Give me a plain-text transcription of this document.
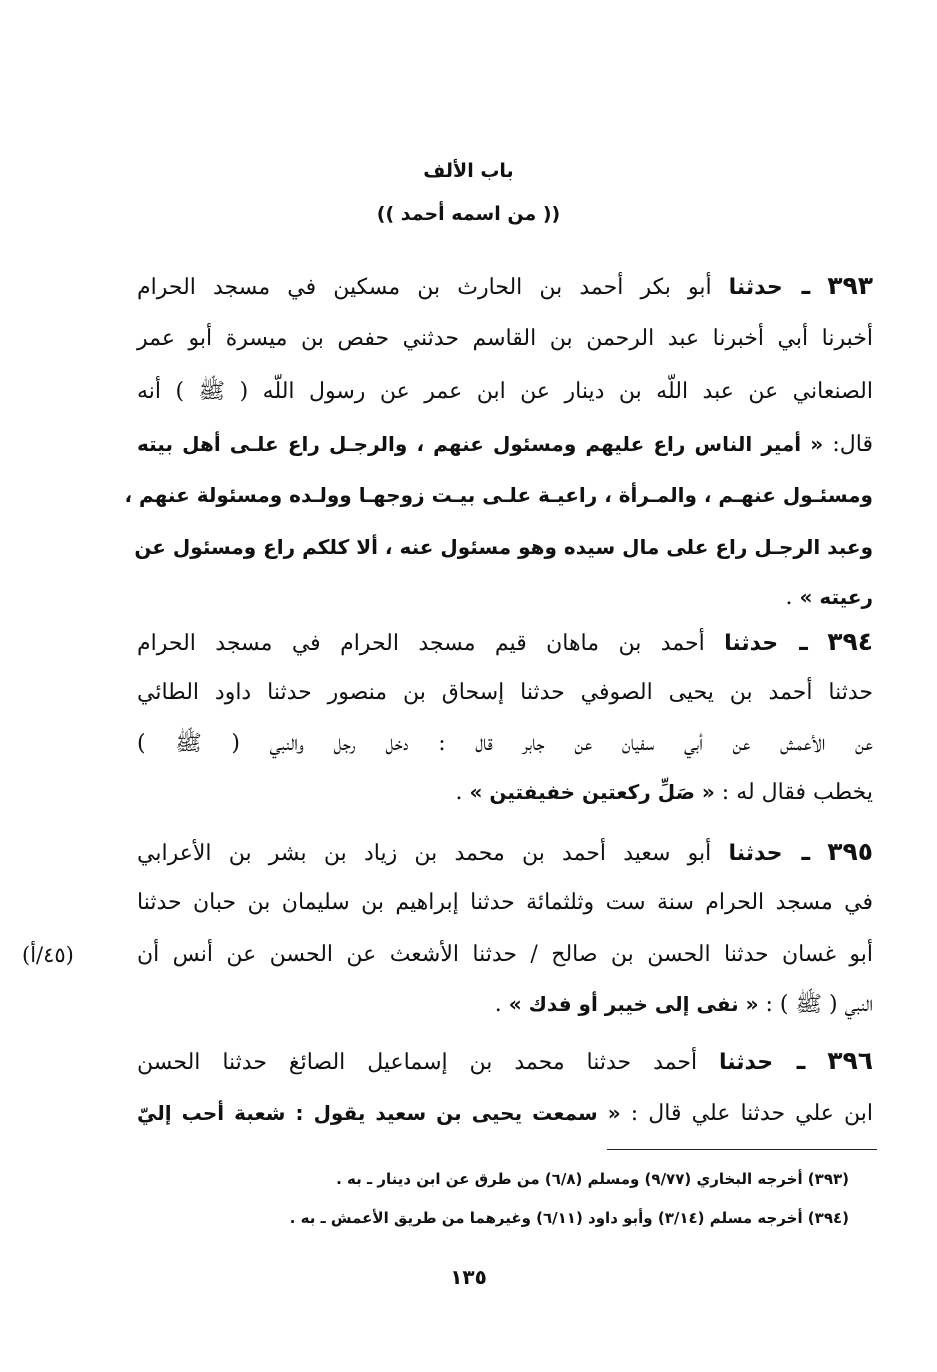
باب الألف
(( من اسمه أحمد ))
٣٩٣ ـ حدثنا أبو بكر أحمد بن الحارث بن مسكين في مسجد الحرام
أخبرنا أبي أخبرنا عبد الرحمن بن القاسم حدثني حفص بن ميسرة أبو عمر
الصنعاني عن عبد اللّه بن دينار عن ابن عمر عن رسول اللّه ( ﷺ ) أنه
قال: « أمير الناس راع عليهم ومسئول عنهم ، والرجـل راع علـى أهل بيته
ومسئـول عنهـم ، والمـرأة ، راعيـة علـى بيـت زوجهـا وولـده ومسئولة عنهم ،
وعبد الرجـل راع على مال سيده وهو مسئول عنه ، ألا كلكم راع ومسئول عن
رعيته » .
٣٩٤ ـ حدثنا أحمد بن ماهان قيم مسجد الحرام في مسجد الحرام
حدثنا أحمد بن يحيى الصوفي حدثنا إسحاق بن منصور حدثنا داود الطائي
عن الأعمش عن أبي سفيان عن جابر قال : دخل رجل والنبي ( ﷺ )
يخطب فقال له : « صَلِّ ركعتين خفيفتين » .
٣٩٥ ـ حدثنا أبو سعيد أحمد بن محمد بن زياد بن بشر بن الأعرابي
في مسجد الحرام سنة ست وثلثمائة حدثنا إبراهيم بن سليمان بن حبان حدثنا
أبو غسان حدثنا الحسن بن صالح / حدثنا الأشعث عن الحسن عن أنس أن
(٤٥/أ)
النبي ( ﷺ ) : « نفى إلى خيبر أو فدك » .
٣٩٦ ـ حدثنا أحمد حدثنا محمد بن إسماعيل الصائغ حدثنا الحسن
ابن علي حدثنا علي قال : « سمعت يحيى بن سعيد يقول : شعبة أحب إليّ
(٣٩٣) أخرجه البخاري (٩/٧٧) ومسلم (٦/٨) من طرق عن ابن دينار ـ به .
(٣٩٤) أخرجه مسلم (٣/١٤) وأبو داود (٦/١١) وغيرهما من طريق الأعمش ـ به .
١٣٥
